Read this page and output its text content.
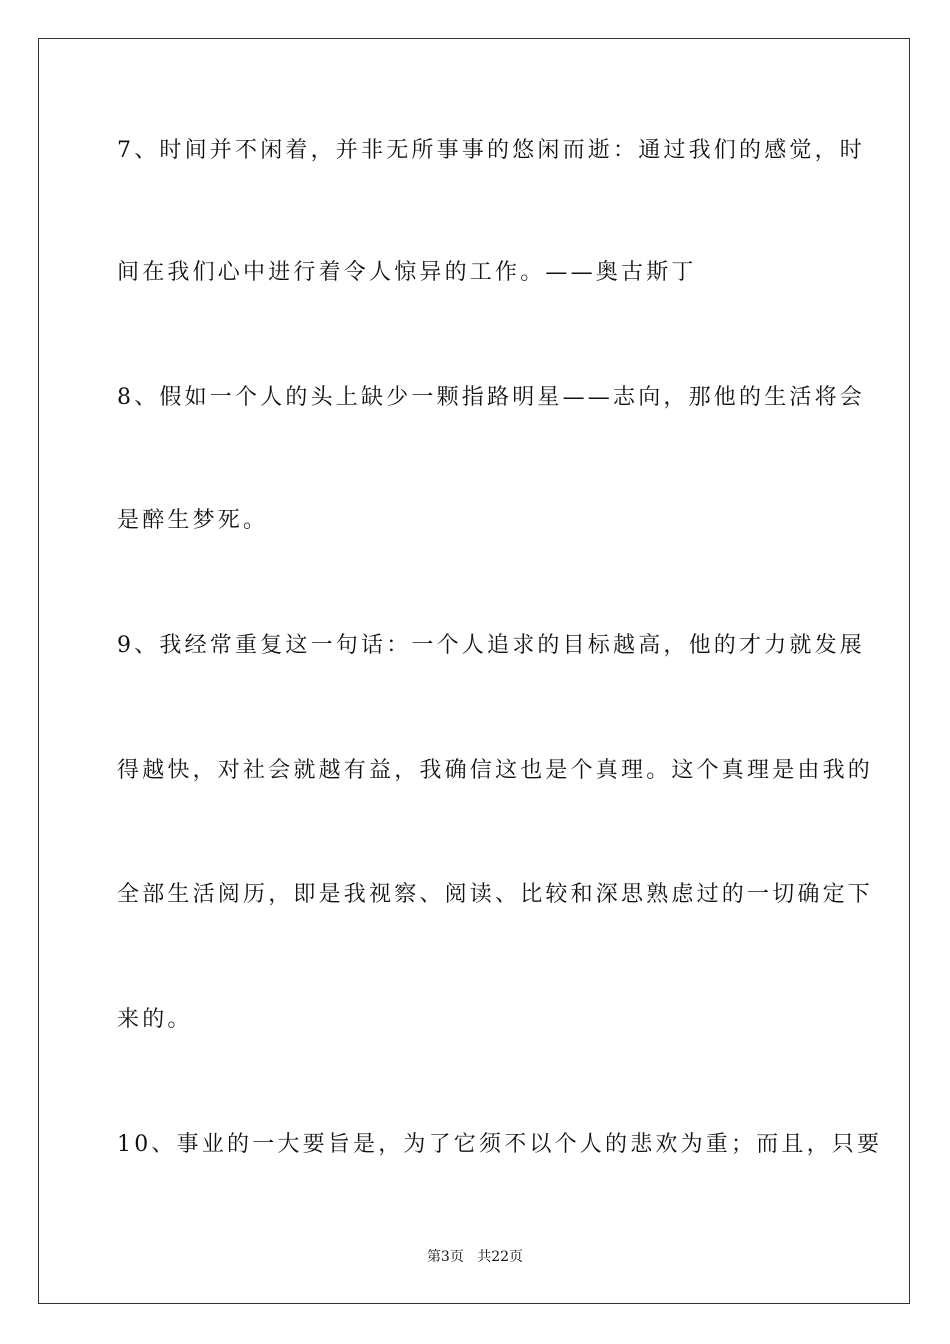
7、时间并不闲着，并非无所事事的悠闲而逝：通过我们的感觉，时
间在我们心中进行着令人惊异的工作。——奥古斯丁
8、假如一个人的头上缺少一颗指路明星——志向，那他的生活将会
是醉生梦死。
9、我经常重复这一句话：一个人追求的目标越高，他的才力就发展
得越快，对社会就越有益，我确信这也是个真理。这个真理是由我的
全部生活阅历，即是我视察、阅读、比较和深思熟虑过的一切确定下
来的。
10、事业的一大要旨是，为了它须不以个人的悲欢为重；而且，只要
第3页 共22页
